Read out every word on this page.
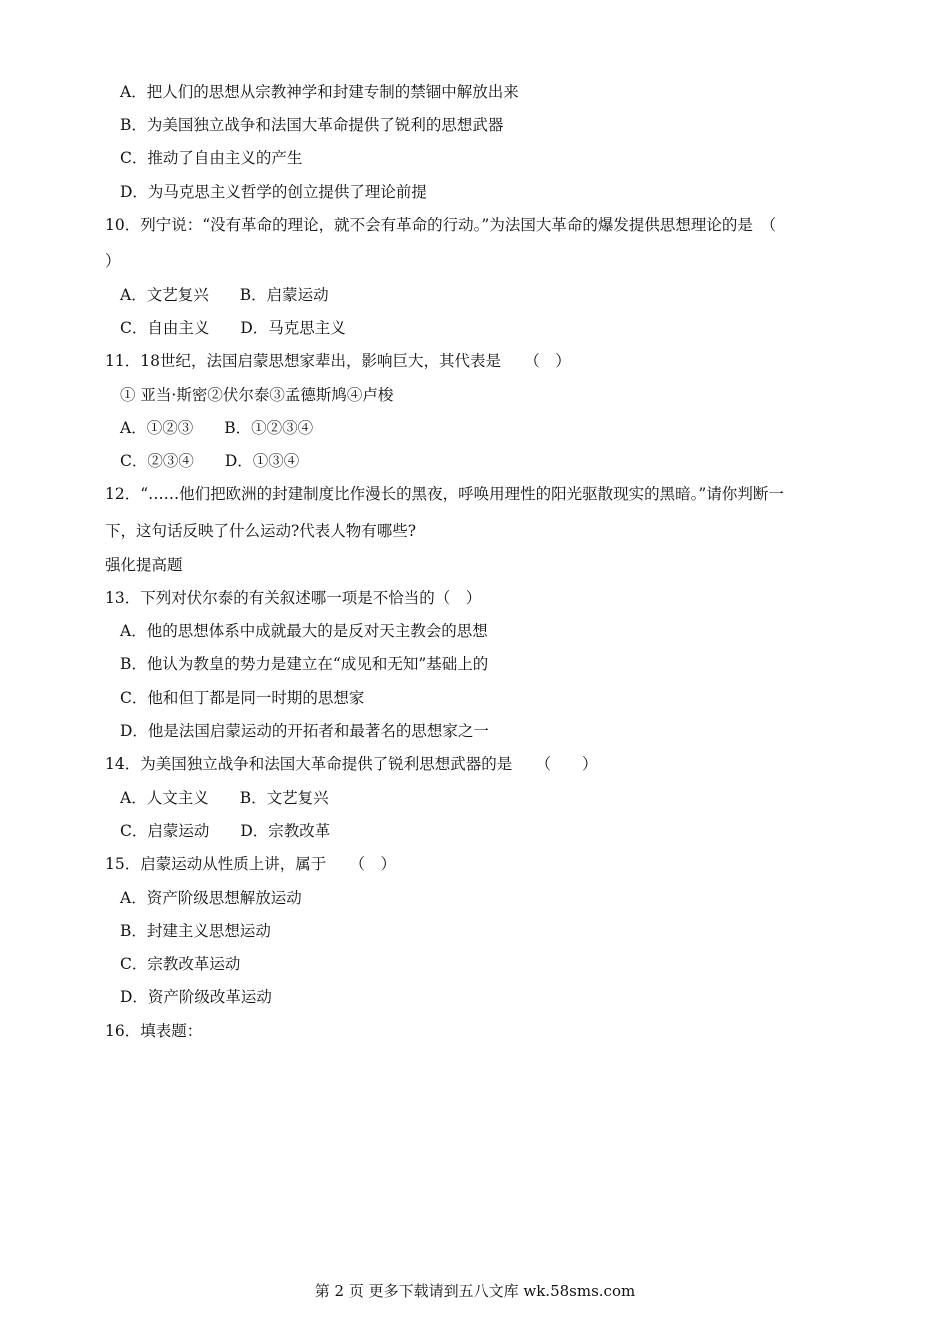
A．把人们的思想从宗教神学和封建专制的禁锢中解放出来
B．为美国独立战争和法国大革命提供了锐利的思想武器
C．推动了自由主义的产生
D．为马克思主义哲学的创立提供了理论前提
10．列宁说：“没有革命的理论，就不会有革命的行动。”为法国大革命的爆发提供思想理论的是　（
）
A．文艺复兴　　B．启蒙运动
C．自由主义　　D．马克思主义
11．18世纪，法国启蒙思想家辈出，影响巨大，其代表是　　（　）
① 亚当·斯密②伏尔泰③孟德斯鸠④卢梭
A．①②③　　B．①②③④
C．②③④　　D．①③④
12．“……他们把欧洲的封建制度比作漫长的黑夜，呼唤用理性的阳光驱散现实的黑暗。”请你判断一
下，这句话反映了什么运动?代表人物有哪些?
强化提高题
13．下列对伏尔泰的有关叙述哪一项是不恰当的（　）
A．他的思想体系中成就最大的是反对天主教会的思想
B．他认为教皇的势力是建立在“成见和无知”基础上的
C．他和但丁都是同一时期的思想家
D．他是法国启蒙运动的开拓者和最著名的思想家之一
14．为美国独立战争和法国大革命提供了锐利思想武器的是　　（　　）
A．人文主义　　B．文艺复兴
C．启蒙运动　　D．宗教改革
15．启蒙运动从性质上讲，属于　　（　）
A．资产阶级思想解放运动
B．封建主义思想运动
C．宗教改革运动
D．资产阶级改革运动
16．填表题：
第 2 页 更多下载请到五八文库 wk.58sms.com
